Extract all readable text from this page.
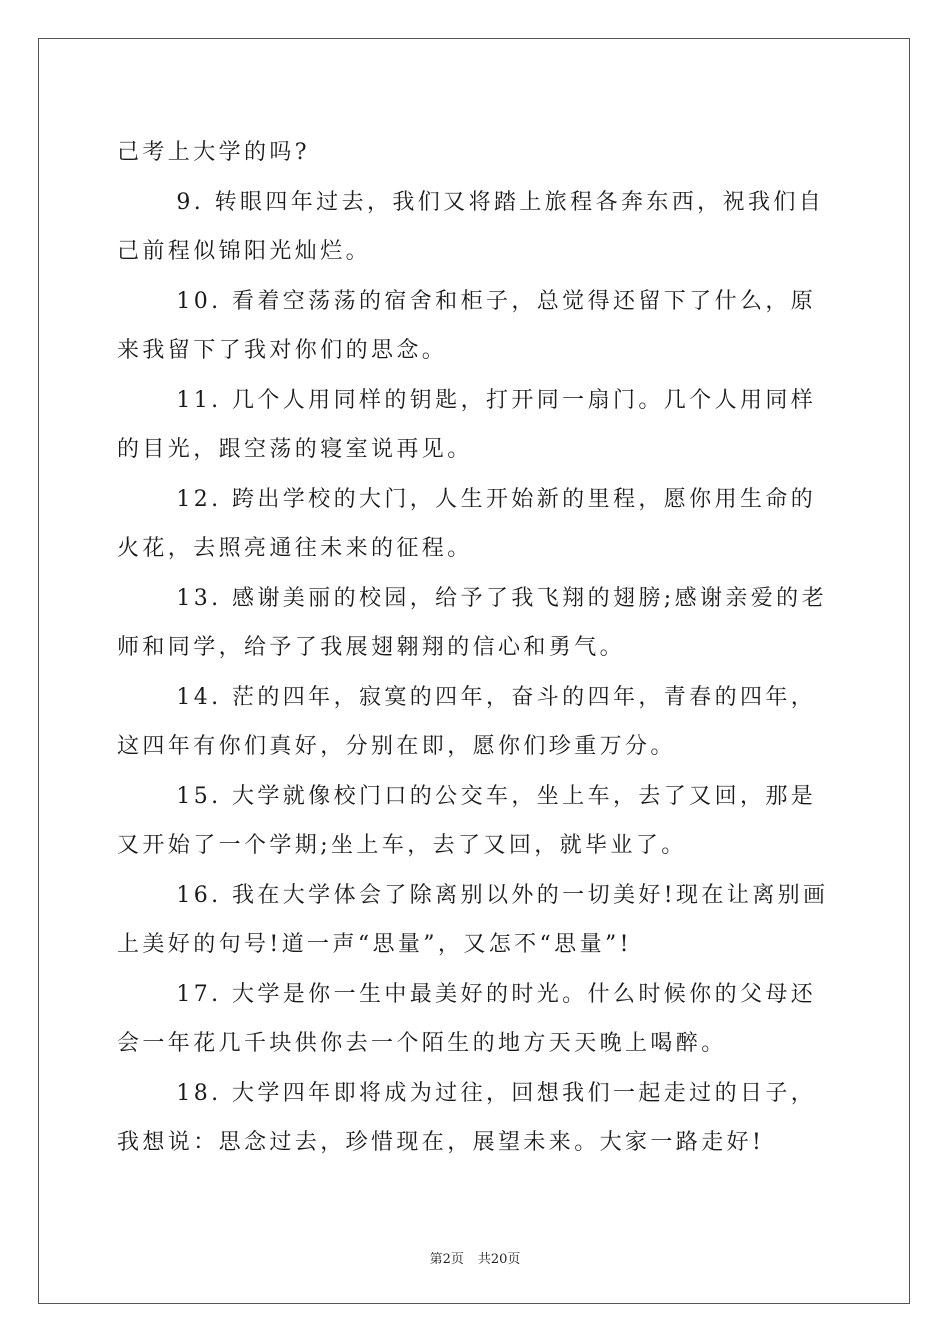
己考上大学的吗?

9. 转眼四年过去，我们又将踏上旅程各奔东西，祝我们自己前程似锦阳光灿烂。

10. 看着空荡荡的宿舍和柜子，总觉得还留下了什么，原来我留下了我对你们的思念。

11. 几个人用同样的钥匙，打开同一扇门。几个人用同样的目光，跟空荡的寝室说再见。

12. 跨出学校的大门，人生开始新的里程，愿你用生命的火花，去照亮通往未来的征程。

13. 感谢美丽的校园，给予了我飞翔的翅膀;感谢亲爱的老师和同学，给予了我展翅翱翔的信心和勇气。

14. 茫的四年，寂寞的四年，奋斗的四年，青春的四年，这四年有你们真好，分别在即，愿你们珍重万分。

15. 大学就像校门口的公交车，坐上车，去了又回，那是又开始了一个学期;坐上车，去了又回，就毕业了。

16. 我在大学体会了除离别以外的一切美好!现在让离别画上美好的句号!道一声“思量”，又怎不“思量”!

17. 大学是你一生中最美好的时光。什么时候你的父母还会一年花几千块供你去一个陌生的地方天天晚上喝醉。

18. 大学四年即将成为过往，回想我们一起走过的日子，我想说：思念过去，珍惜现在，展望未来。大家一路走好!

第2页 共20页
